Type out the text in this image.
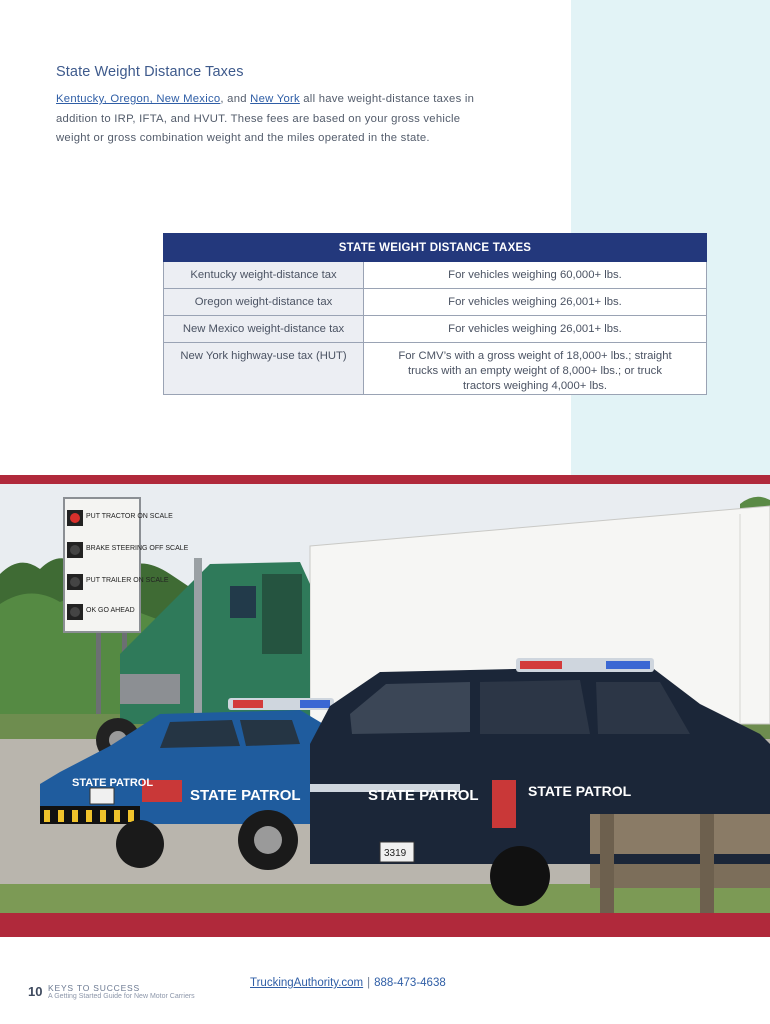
State Weight Distance Taxes

Kentucky, Oregon, New Mexico, and New York all have weight-distance taxes in addition to IRP, IFTA, and HVUT. These fees are based on your gross vehicle weight or gross combination weight and the miles operated in the state.

STATE WEIGHT DISTANCE TAXES	
Kentucky weight-distance tax	For vehicles weighing 60,000+ lbs.
Oregon weight-distance tax	For vehicles weighing 26,001+ lbs.
New Mexico weight-distance tax	For vehicles weighing 26,001+ lbs.
New York highway-use tax (HUT)	For CMV’s with a gross weight of 18,000+ lbs.; straight trucks with an empty weight of 8,000+ lbs.; or truck tractors weighing 4,000+ lbs.
PUT TRACTOR ON SCALE
BRAKE STEERING OFF SCALE
PUT TRAILER ON SCALE
OK GO AHEAD
STATE PATROL
STATE PATROL
3319
STATE PATROL	STATE PATROL
10 KEYS TO SUCCESS
A Getting Started Guide for New Motor Carriers
TruckingAuthority.com | 888-473-4638
